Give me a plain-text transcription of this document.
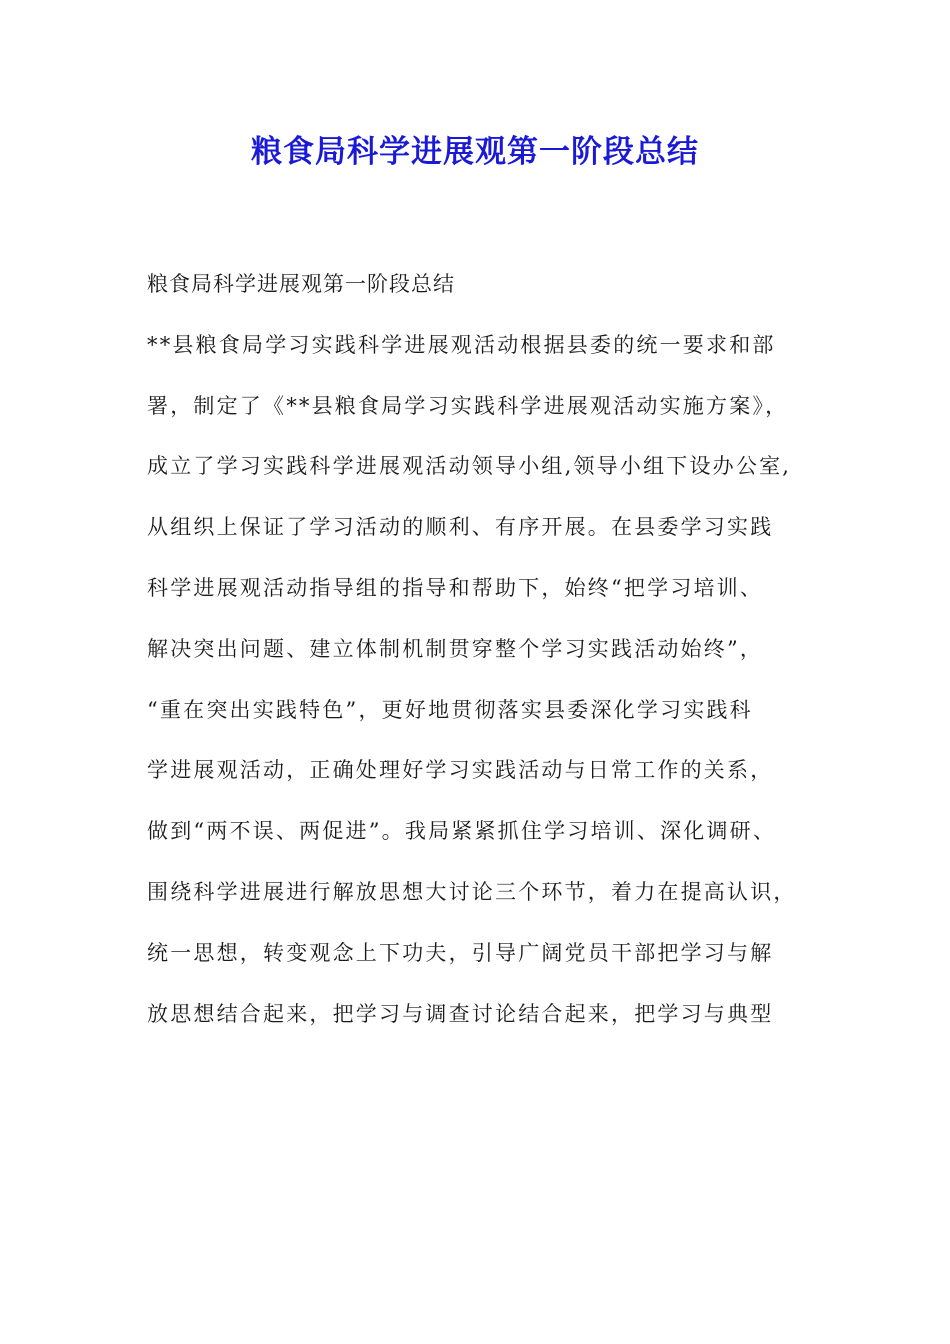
粮食局科学进展观第一阶段总结
粮食局科学进展观第一阶段总结
**县粮食局学习实践科学进展观活动根据县委的统一要求和部
署，制定了《**县粮食局学习实践科学进展观活动实施方案》，
成立了学习实践科学进展观活动领导小组,领导小组下设办公室,
从组织上保证了学习活动的顺利、有序开展。在县委学习实践
科学进展观活动指导组的指导和帮助下，始终“把学习培训、
解决突出问题、建立体制机制贯穿整个学习实践活动始终”，
“重在突出实践特色”，更好地贯彻落实县委深化学习实践科
学进展观活动，正确处理好学习实践活动与日常工作的关系，
做到“两不误、两促进”。我局紧紧抓住学习培训、深化调研、
围绕科学进展进行解放思想大讨论三个环节，着力在提高认识，
统一思想，转变观念上下功夫，引导广阔党员干部把学习与解
放思想结合起来，把学习与调查讨论结合起来，把学习与典型
